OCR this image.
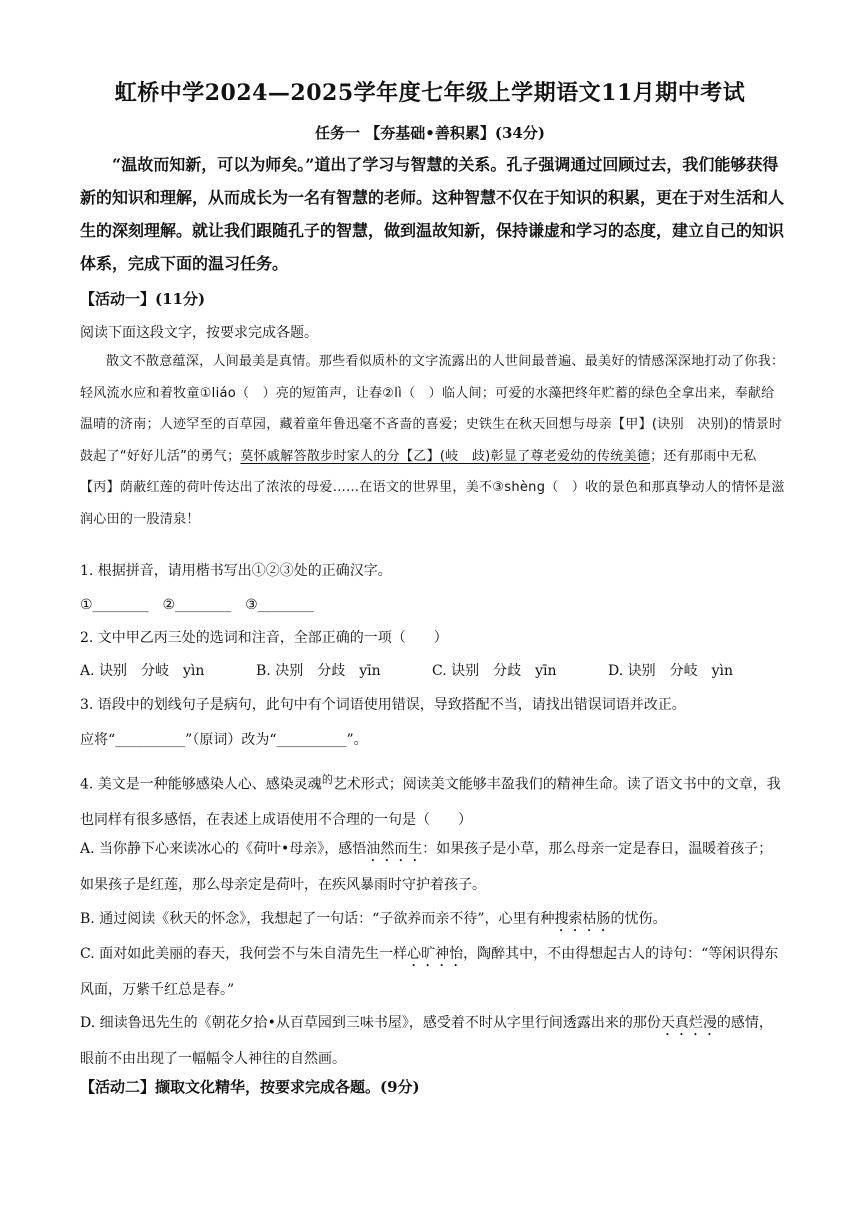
虹桥中学2024—2025学年度七年级上学期语文11月期中考试
任务一 【夯基础•善积累】(34分)

“温故而知新，可以为师矣。”道出了学习与智慧的关系。孔子强调通过回顾过去，我们能够获得新的知识和理解，从而成长为一名有智慧的老师。这种智慧不仅在于知识的积累，更在于对生活和人生的深刻理解。就让我们跟随孔子的智慧，做到温故知新，保持谦虚和学习的态度，建立自己的知识体系，完成下面的温习任务。

【活动一】(11分)

阅读下面这段文字，按要求完成各题。

散文不散意蕴深，人间最美是真情。那些看似质朴的文字流露出的人世间最普遍、最美好的情感深深地打动了你我：轻风流水应和着牧童①liáo（　）亮的短笛声，让春②lì（　）临人间；可爱的水藻把终年贮蓄的绿色全拿出来，奉献给温晴的济南；人迹罕至的百草园，藏着童年鲁迅毫不吝啬的喜爱；史铁生在秋天回想与母亲【甲】(诀别　决别)的情景时鼓起了“好好儿活”的勇气；莫怀戚解答散步时家人的分【乙】(岐　歧)彰显了尊老爱幼的传统美德；还有那雨中无私【丙】荫蔽红莲的荷叶传达出了浓浓的母爱……在语文的世界里，美不③shèng（　）收的景色和那真挚动人的情怀是滋润心田的一股清泉！

1. 根据拼音，请用楷书写出①②③处的正确汉字。

①________　②________　③________

2. 文中甲乙丙三处的选词和注音，全部正确的一项（　　）

A. 诀别　分岐　yìn	B. 决别　分歧　yīn	C. 诀别　分歧　yīn	D. 诀别　分岐　yìn

3. 语段中的划线句子是病句，此句中有个词语使用错误，导致搭配不当，请找出错误词语并改正。

应将“__________”（原词）改为“__________”。

4. 美文是一种能够感染人心、感染灵魂$^的$艺术形式；阅读美文能够丰盈我们的精神生命。读了语文书中的文章，我也同样有很多感悟，在表述上成语使用不合理的一句是（　　）

A. 当你静下心来读冰心的《荷叶•母亲》，感悟油然而生：如果孩子是小草，那么母亲一定是春日，温暖着孩子；如果孩子是红莲，那么母亲定是荷叶，在疾风暴雨时守护着孩子。

B. 通过阅读《秋天的怀念》，我想起了一句话：“子欲养而亲不待”，心里有种搜索枯肠的忧伤。

C. 面对如此美丽的春天，我何尝不与朱自清先生一样心旷神怡，陶醉其中，不由得想起古人的诗句：“等闲识得东风面，万紫千红总是春。”

D. 细读鲁迅先生的《朝花夕拾•从百草园到三味书屋》，感受着不时从字里行间透露出来的那份天真烂漫的感情，眼前不由出现了一幅幅令人神往的自然画。

【活动二】撷取文化精华，按要求完成各题。(9分)
